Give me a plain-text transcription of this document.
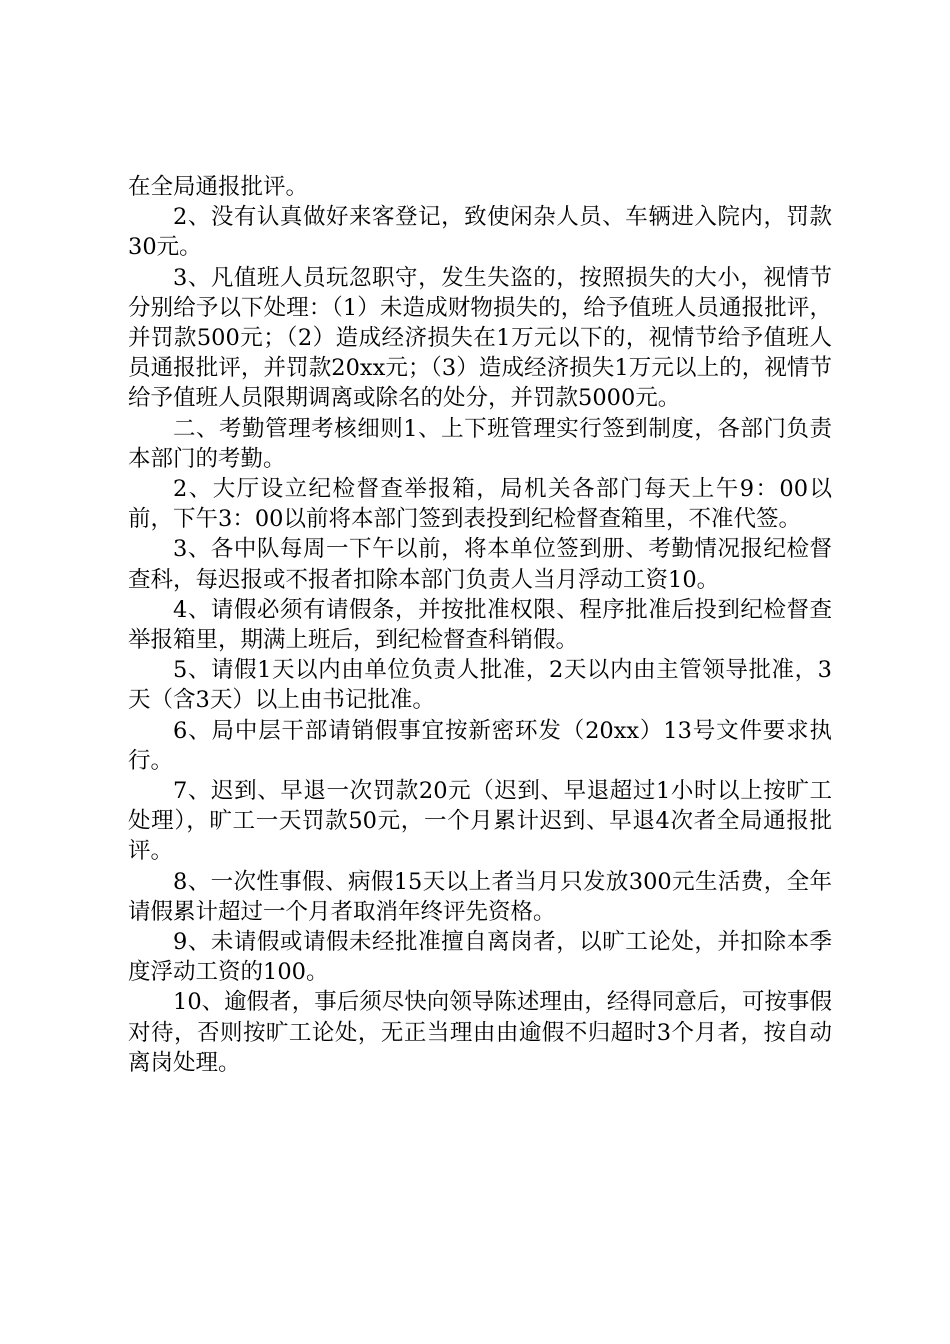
在全局通报批评。

2、没有认真做好来客登记，致使闲杂人员、车辆进入院内，罚款30元。

3、凡值班人员玩忽职守，发生失盗的，按照损失的大小，视情节分别给予以下处理：（1）未造成财物损失的，给予值班人员通报批评，并罚款500元；（2）造成经济损失在1万元以下的，视情节给予值班人员通报批评，并罚款20xx元；（3）造成经济损失1万元以上的，视情节给予值班人员限期调离或除名的处分，并罚款5000元。

二、考勤管理考核细则1、上下班管理实行签到制度，各部门负责本部门的考勤。

2、大厅设立纪检督查举报箱，局机关各部门每天上午9：00以前，下午3：00以前将本部门签到表投到纪检督查箱里，不准代签。

3、各中队每周一下午以前，将本单位签到册、考勤情况报纪检督查科，每迟报或不报者扣除本部门负责人当月浮动工资10。

4、请假必须有请假条，并按批准权限、程序批准后投到纪检督查举报箱里，期满上班后，到纪检督查科销假。

5、请假1天以内由单位负责人批准，2天以内由主管领导批准，3天（含3天）以上由书记批准。

6、局中层干部请销假事宜按新密环发（20xx）13号文件要求执行。

7、迟到、早退一次罚款20元（迟到、早退超过1小时以上按旷工处理），旷工一天罚款50元，一个月累计迟到、早退4次者全局通报批评。

8、一次性事假、病假15天以上者当月只发放300元生活费，全年请假累计超过一个月者取消年终评先资格。

9、未请假或请假未经批准擅自离岗者，以旷工论处，并扣除本季度浮动工资的100。

10、逾假者，事后须尽快向领导陈述理由，经得同意后，可按事假对待，否则按旷工论处，无正当理由由逾假不归超时3个月者，按自动离岗处理。
